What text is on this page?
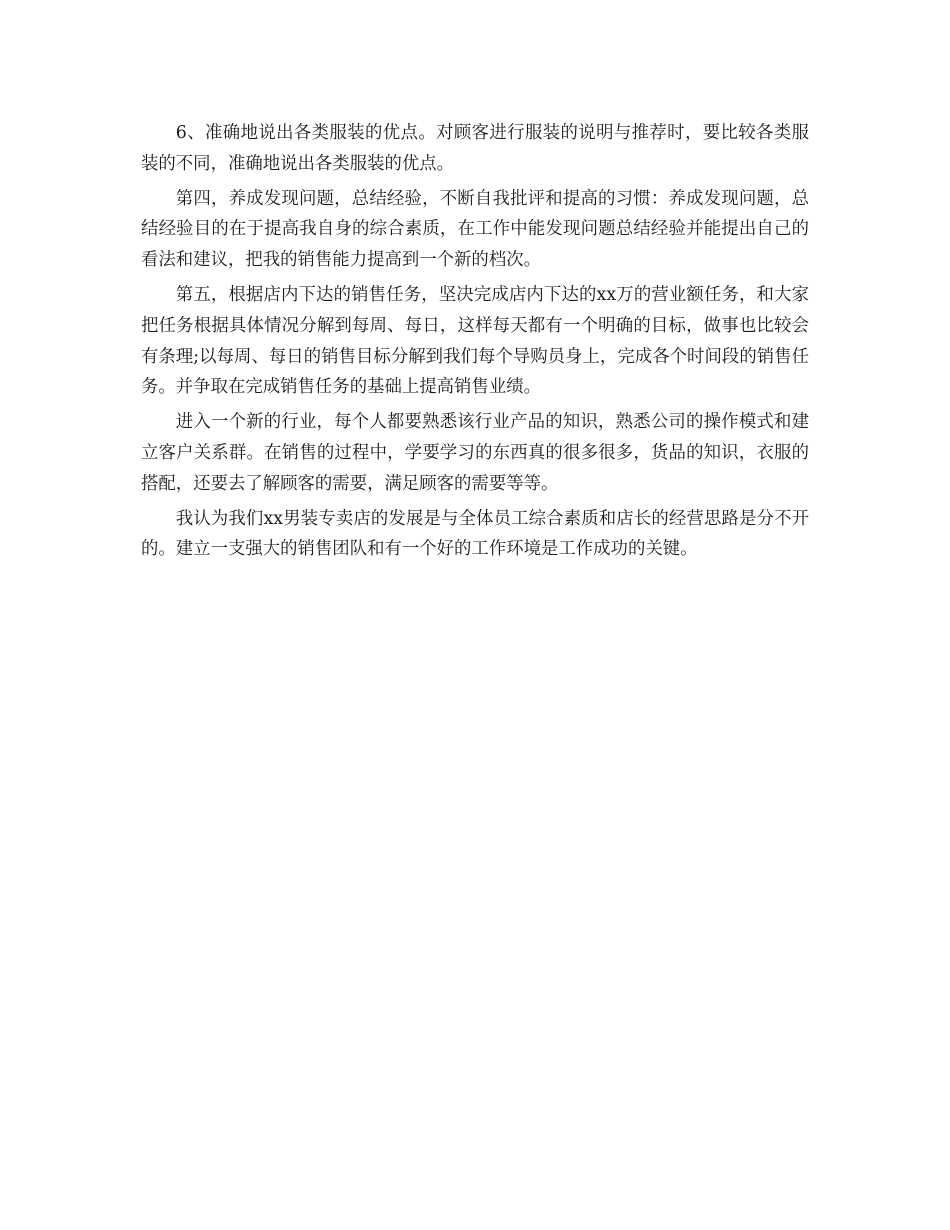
6、准确地说出各类服装的优点。对顾客进行服装的说明与推荐时，要比较各类服装的不同，准确地说出各类服装的优点。

第四，养成发现问题，总结经验，不断自我批评和提高的习惯：养成发现问题，总结经验目的在于提高我自身的综合素质，在工作中能发现问题总结经验并能提出自己的看法和建议，把我的销售能力提高到一个新的档次。

第五，根据店内下达的销售任务，坚决完成店内下达的xx万的营业额任务，和大家把任务根据具体情况分解到每周、每日，这样每天都有一个明确的目标，做事也比较会有条理;以每周、每日的销售目标分解到我们每个导购员身上，完成各个时间段的销售任务。并争取在完成销售任务的基础上提高销售业绩。

进入一个新的行业，每个人都要熟悉该行业产品的知识，熟悉公司的操作模式和建立客户关系群。在销售的过程中，学要学习的东西真的很多很多，货品的知识，衣服的搭配，还要去了解顾客的需要，满足顾客的需要等等。

我认为我们xx男装专卖店的发展是与全体员工综合素质和店长的经营思路是分不开的。建立一支强大的销售团队和有一个好的工作环境是工作成功的关键。
